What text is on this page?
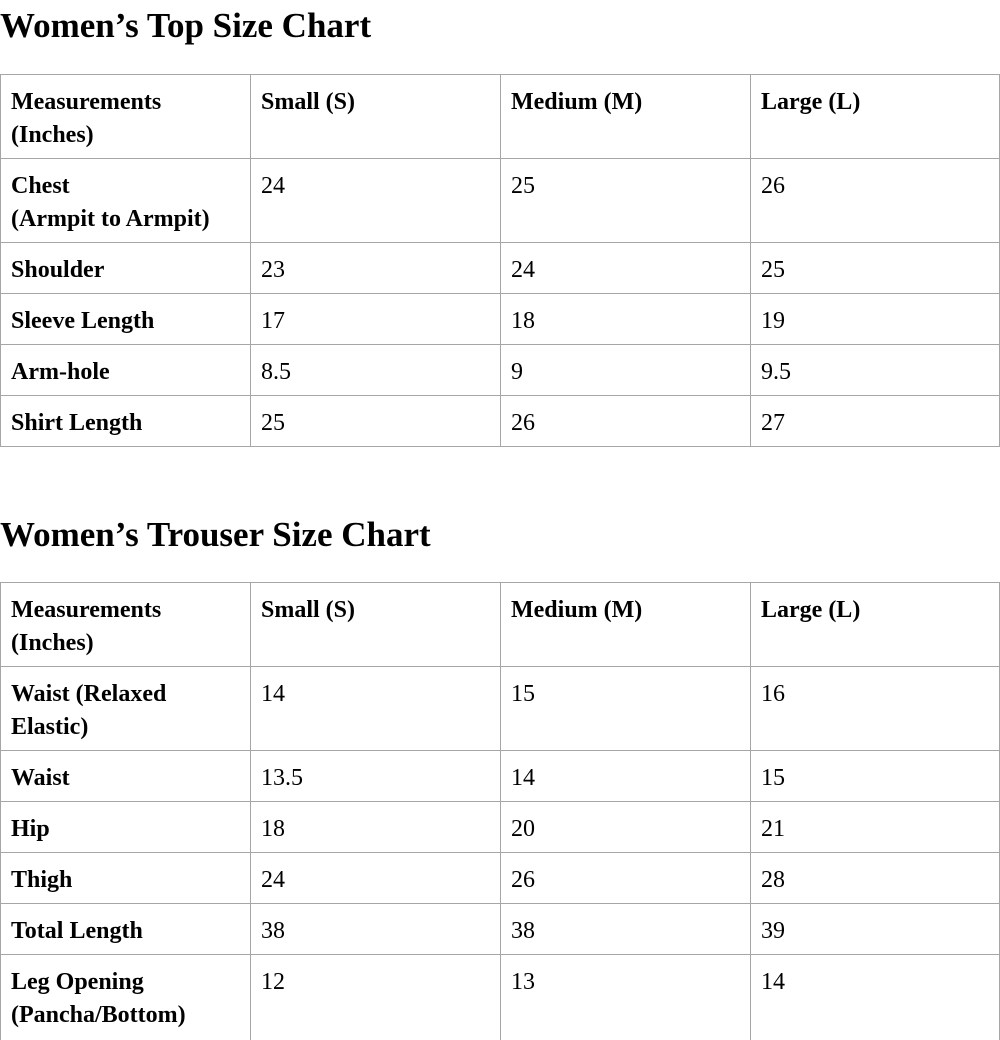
Women’s Top Size Chart
Measurements
(Inches)	Small (S)	Medium (M)	Large (L)

Chest
(Armpit to Armpit)	24	25	26
Shoulder	23	24	25
Sleeve Length	17	18	19
Arm-hole	8.5	9	9.5
Shirt Length	25	26	27
Women’s Trouser Size Chart
Measurements
(Inches)	Small (S)	Medium (M)	Large (L)

Waist (Relaxed
Elastic)	14	15	16
Waist	13.5	14	15
Hip	18	20	21
Thigh	24	26	28
Total Length	38	38	39

Leg Opening
(Pancha/Bottom)	12	13	14
